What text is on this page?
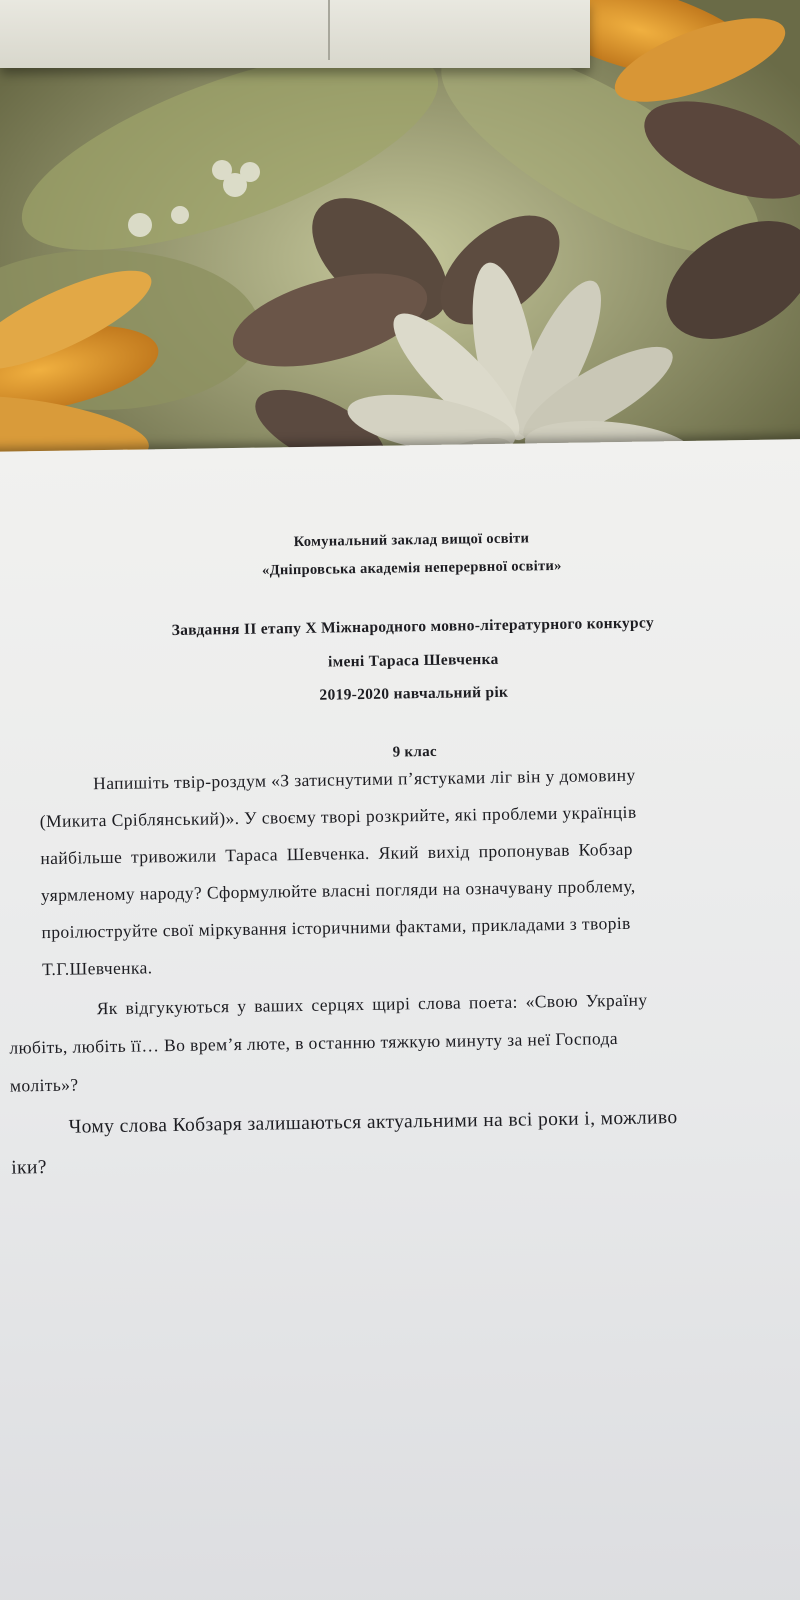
Комунальний заклад вищої освіти
«Дніпровська академія неперервної освіти»
Завдання ІІ етапу Х Міжнародного мовно-літературного конкурсу
імені Тараса Шевченка
2019-2020 навчальний рік
9 клас
Напишіть твір-роздум «З затиснутими п’ястуками ліг він у домовину
(Микита Сріблянський)». У своєму творі розкрийте, які проблеми українців
найбільше тривожили Тараса Шевченка. Який вихід пропонував Кобзар
уярмленому народу? Сформулюйте власні погляди на означувану проблему,
проілюструйте свої міркування історичними фактами, прикладами з творів
Т.Г.Шевченка.
Як відгукуються у ваших серцях щирі слова поета: «Свою Україну
любіть, любіть її… Во врем’я люте, в останню тяжкую минуту за неї Господа
моліть»?
Чому слова Кобзаря залишаються актуальними на всі роки і, можливо
іки?
